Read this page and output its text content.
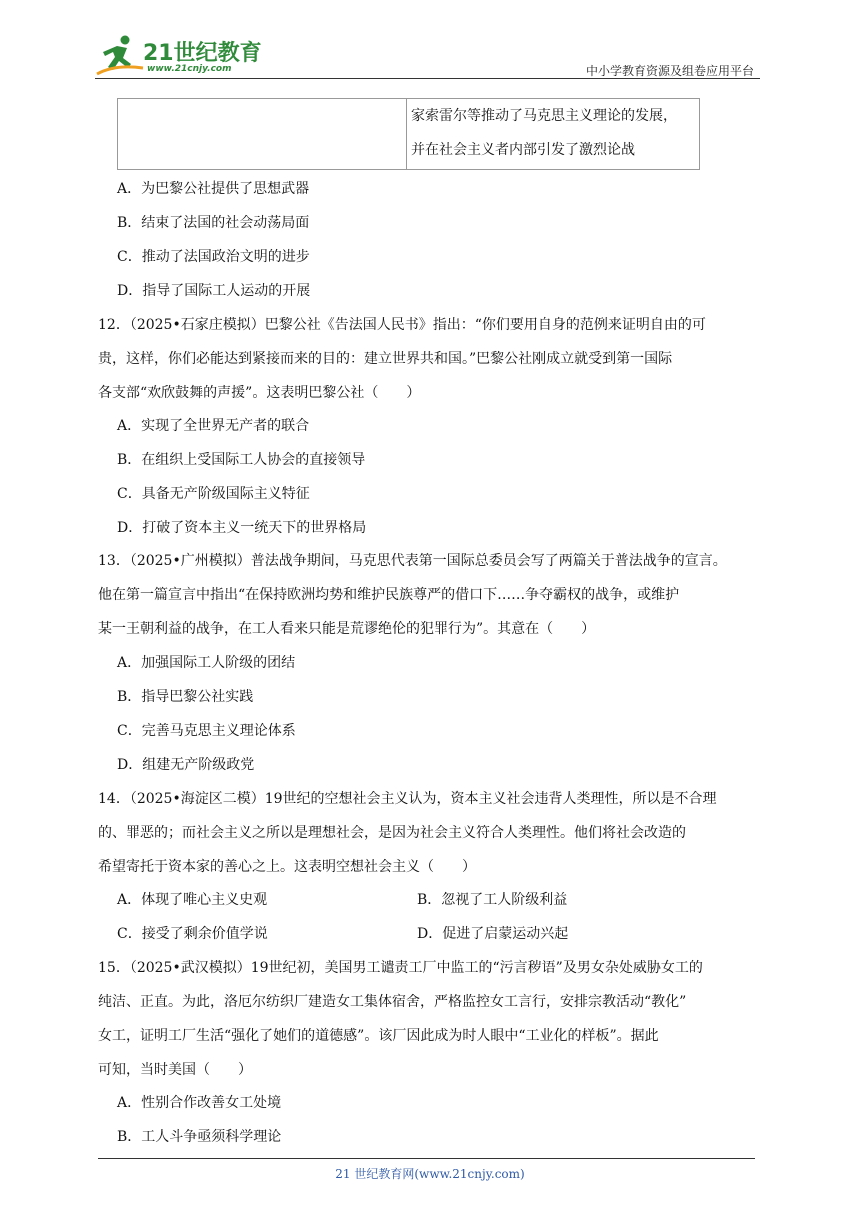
21世纪教育
www.21cnjy.com	中小学教育资源及组卷应用平台

家索雷尔等推动了马克思主义理论的发展，
并在社会主义者内部引发了激烈论战
A．为巴黎公社提供了思想武器
B．结束了法国的社会动荡局面
C．推动了法国政治文明的进步
D．指导了国际工人运动的开展
12．（2025•石家庄模拟）巴黎公社《告法国人民书》指出：“你们要用自身的范例来证明自由的可
贵，这样，你们必能达到紧接而来的目的：建立世界共和国。”巴黎公社刚成立就受到第一国际
各支部“欢欣鼓舞的声援”。这表明巴黎公社（　　）
A．实现了全世界无产者的联合
B．在组织上受国际工人协会的直接领导
C．具备无产阶级国际主义特征
D．打破了资本主义一统天下的世界格局
13．（2025•广州模拟）普法战争期间，马克思代表第一国际总委员会写了两篇关于普法战争的宣言。
他在第一篇宣言中指出“在保持欧洲均势和维护民族尊严的借口下……争夺霸权的战争，或维护
某一王朝利益的战争，在工人看来只能是荒谬绝伦的犯罪行为”。其意在（　　）
A．加强国际工人阶级的团结
B．指导巴黎公社实践
C．完善马克思主义理论体系
D．组建无产阶级政党
14．（2025•海淀区二模）19世纪的空想社会主义认为，资本主义社会违背人类理性，所以是不合理
的、罪恶的；而社会主义之所以是理想社会，是因为社会主义符合人类理性。他们将社会改造的
希望寄托于资本家的善心之上。这表明空想社会主义（　　）
A．体现了唯心主义史观	B．忽视了工人阶级利益
C．接受了剩余价值学说	D．促进了启蒙运动兴起
15．（2025•武汉模拟）19世纪初，美国男工谴责工厂中监工的“污言秽语”及男女杂处威胁女工的
纯洁、正直。为此，洛厄尔纺织厂建造女工集体宿舍，严格监控女工言行，安排宗教活动“教化”
女工，证明工厂生活“强化了她们的道德感”。该厂因此成为时人眼中“工业化的样板”。据此
可知，当时美国（　　）
A．性别合作改善女工处境
B．工人斗争亟须科学理论
21 世纪教育网(www.21cnjy.com)
